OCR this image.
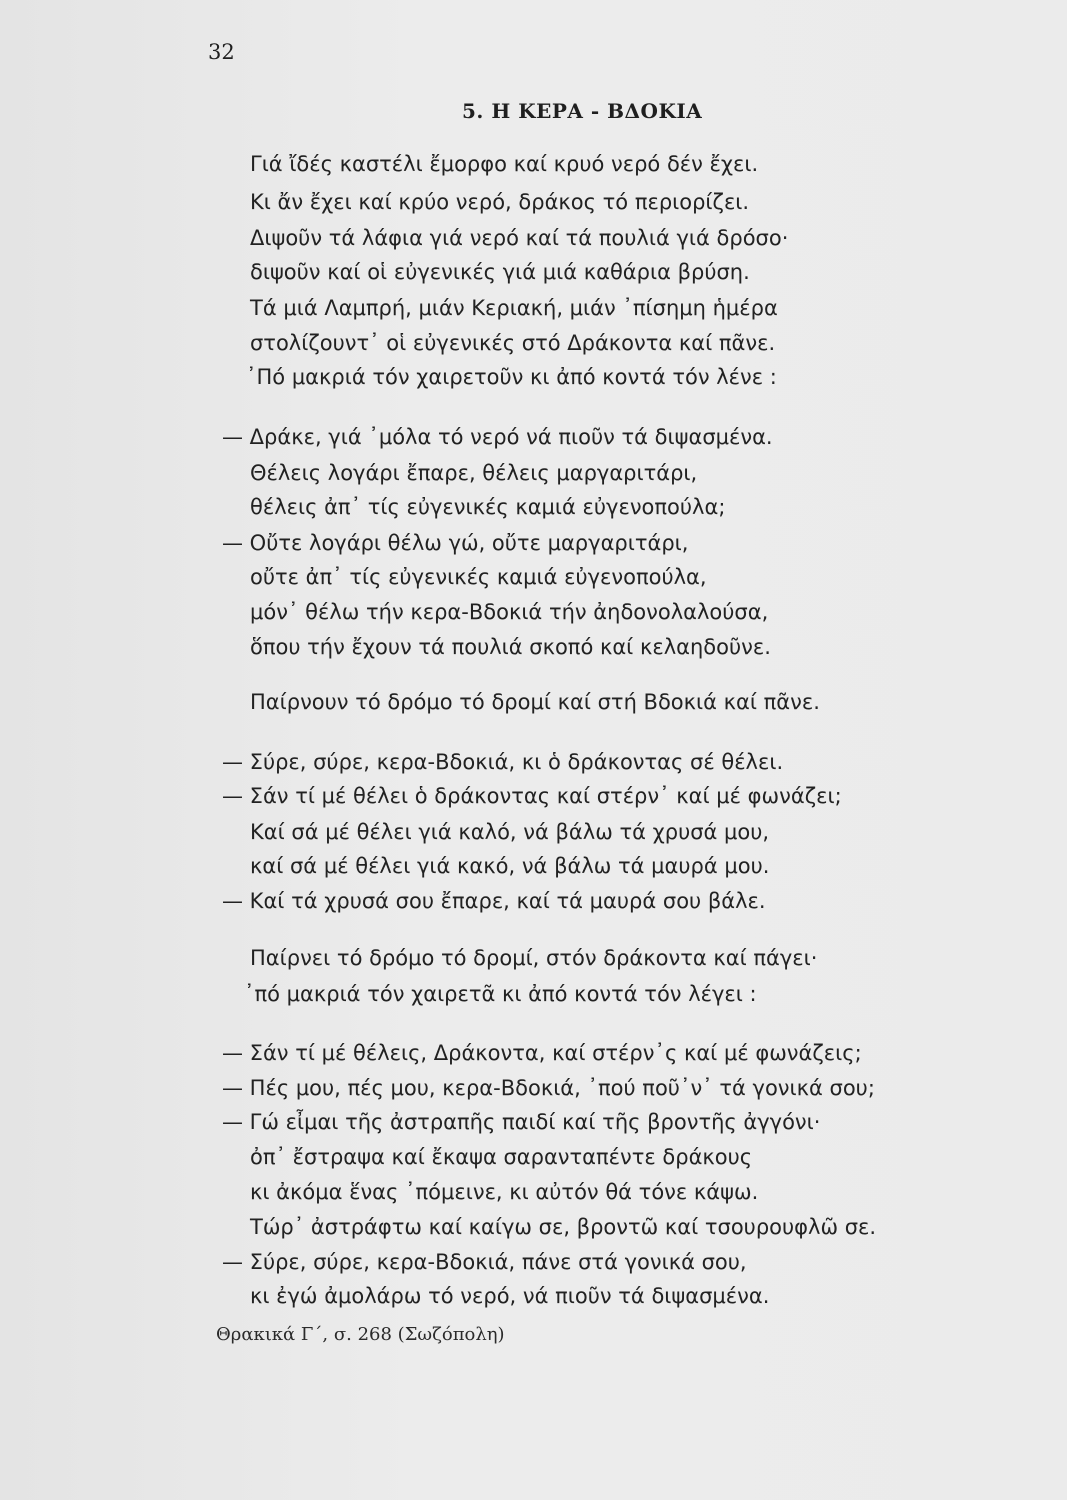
32
5. Η ΚΕΡΑ - ΒΔΟΚΙΑ
Γιά ἴδές καστέλι ἔμορφο καί κρυό νερό δέν ἔχει.
Κι ἄν ἔχει καί κρύο νερό, δράκος τό περιορίζει.
Διψοῦν τά λάφια γιά νερό καί τά πουλιά γιά δρόσο·
διψοῦν καί οἱ εὐγενικές γιά μιά καθάρια βρύση.
Τά μιά Λαμπρή, μιάν Κεριακή, μιάν ᾽πίσημη ἡμέρα
στολίζουντ᾽ οἱ εὐγενικές στό Δράκοντα καί πᾶνε.
᾽Πό μακριά τόν χαιρετοῦν κι ἀπό κοντά τόν λένε :
— Δράκε, γιά ᾽μόλα τό νερό νά πιοῦν τά διψασμένα.
Θέλεις λογάρι ἔπαρε, θέλεις μαργαριτάρι,
θέλεις ἀπ᾽ τίς εὐγενικές καμιά εὐγενοπούλα;
— Οὔτε λογάρι θέλω γώ, οὔτε μαργαριτάρι,
οὔτε ἀπ᾽ τίς εὐγενικές καμιά εὐγενοπούλα,
μόν᾽ θέλω τήν κερα-Βδοκιά τήν ἀηδονολαλούσα,
ὅπου τήν ἔχουν τά πουλιά σκοπό καί κελαηδοῦνε.
Παίρνουν τό δρόμο τό δρομί καί στή Βδοκιά καί πᾶνε.
— Σύρε, σύρε, κερα-Βδοκιά, κι ὁ δράκοντας σέ θέλει.
— Σάν τί μέ θέλει ὁ δράκοντας καί στέρν᾽ καί μέ φωνάζει;
Καί σά μέ θέλει γιά καλό, νά βάλω τά χρυσά μου,
καί σά μέ θέλει γιά κακό, νά βάλω τά μαυρά μου.
— Καί τά χρυσά σου ἔπαρε, καί τά μαυρά σου βάλε.
Παίρνει τό δρόμο τό δρομί, στόν δράκοντα καί πάγει·
᾽πό μακριά τόν χαιρετᾶ κι ἀπό κοντά τόν λέγει :
— Σάν τί μέ θέλεις, Δράκοντα, καί στέρν᾽ς καί μέ φωνάζεις;
— Πές μου, πές μου, κερα-Βδοκιά, ᾽πού ποῦ᾽ν᾽ τά γονικά σου;
— Γώ εἶμαι τῆς ἀστραπῆς παιδί καί τῆς βροντῆς ἀγγόνι·
ὀπ᾽ ἔστραψα καί ἔκαψα σαρανταπέντε δράκους
κι ἀκόμα ἕνας ᾽πόμεινε, κι αὐτόν θά τόνε κάψω.
Τώρ᾽ ἀστράφτω καί καίγω σε, βροντῶ καί τσουρουφλῶ σε.
— Σύρε, σύρε, κερα-Βδοκιά, πάνε στά γονικά σου,
κι ἐγώ ἀμολάρω τό νερό, νά πιοῦν τά διψασμένα.
Θρακικά Γ΄, σ. 268 (Σωζόπολη)
